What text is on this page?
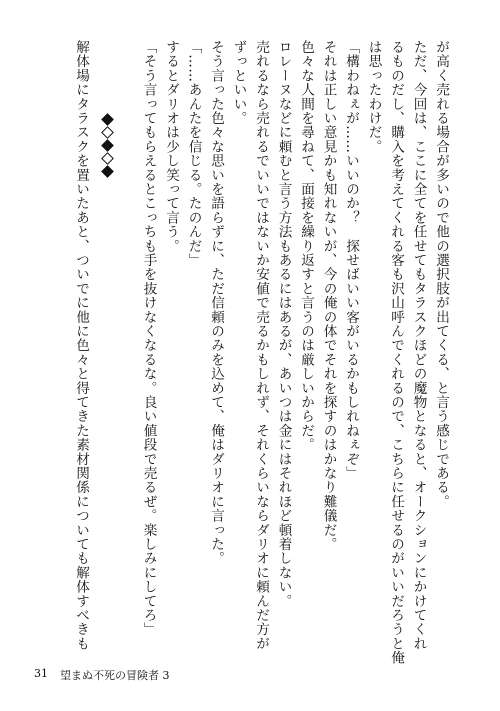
が高く売れる場合が多いので他の選択肢が出てくる、と言う感じである。
ただ、今回は、ここに全てを任せてもタラスクほどの魔物となると、オークションにかけてくれ
るものだし、購入を考えてくれる客も沢山呼んでくれるので、こちらに任せるのがいいだろうと俺
は思ったわけだ。
「構わねぇが……いいのか？　探せばいい客がいるかもしれねぇぞ」
それは正しい意見かも知れないが、今の俺の体でそれを探すのはかなり難儀だ。
色々な人間を尋ねて、面接を繰り返すと言うのは厳しいからだ。
ロレーヌなどに頼むと言う方法もあるにはあるが、あいつは金にはそれほど頓着しない。
売れるなら売れるでいいではないか安値で売るかもしれず、それくらいならダリオに頼んだ方が
ずっといい。
そう言った色々な思いを語らずに、ただ信頼のみを込めて、俺はダリオに言った。
「……あんたを信じる。たのんだ」
するとダリオは少し笑って言う。
「そう言ってもらえるとこっちも手を抜けなくなるな。良い値段で売るぜ。楽しみにしてろ」
解体場にタラスクを置いたあと、ついでに他に色々と得てきた素材関係についても解体すべきも
31 望まぬ不死の冒険者 3
